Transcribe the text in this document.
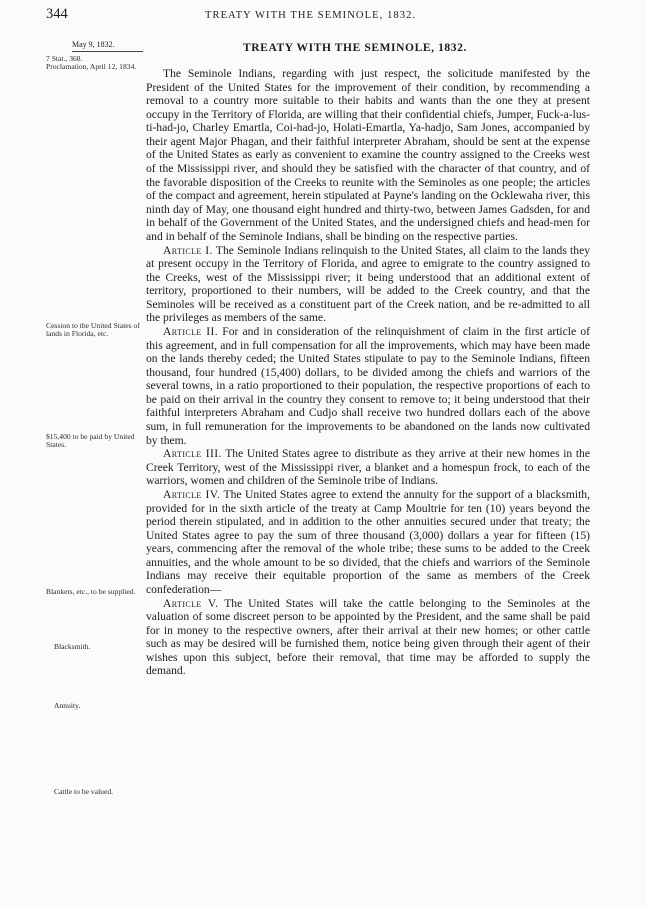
344	TREATY WITH THE SEMINOLE, 1832.
May 9, 1832.
7 Stat., 368.
Proclamation, April 12, 1834.
TREATY WITH THE SEMINOLE, 1832.
Cession to the United States of lands in Florida, etc.
$15,400 to be paid by United States.
Blankets, etc., to be supplied.
Blacksmith.
Annuity.
Cattle to be valued.

The Seminole Indians, regarding with just respect, the solicitude manifested by the President of the United States for the improvement of their condition, by recommending a removal to a country more suitable to their habits and wants than the one they at present occupy in the Territory of Florida, are willing that their confidential chiefs, Jumper, Fuck-a-lus-ti-had-jo, Charley Emartla, Coi-had-jo, Holati-Emartla, Ya-hadjo, Sam Jones, accompanied by their agent Major Phagan, and their faithful interpreter Abraham, should be sent at the expense of the United States as early as convenient to examine the country assigned to the Creeks west of the Mississippi river, and should they be satisfied with the character of that country, and of the favorable disposition of the Creeks to reunite with the Seminoles as one people; the articles of the compact and agreement, herein stipulated at Payne's landing on the Ocklewaha river, this ninth day of May, one thousand eight hundred and thirty-two, between James Gadsden, for and in behalf of the Government of the United States, and the undersigned chiefs and head-men for and in behalf of the Seminole Indians, shall be binding on the respective parties.

Article I. The Seminole Indians relinquish to the United States, all claim to the lands they at present occupy in the Territory of Florida, and agree to emigrate to the country assigned to the Creeks, west of the Mississippi river; it being understood that an additional extent of territory, proportioned to their numbers, will be added to the Creek country, and that the Seminoles will be received as a constituent part of the Creek nation, and be re-admitted to all the privileges as members of the same.

Article II. For and in consideration of the relinquishment of claim in the first article of this agreement, and in full compensation for all the improvements, which may have been made on the lands thereby ceded; the United States stipulate to pay to the Seminole Indians, fifteen thousand, four hundred (15,400) dollars, to be divided among the chiefs and warriors of the several towns, in a ratio proportioned to their population, the respective proportions of each to be paid on their arrival in the country they consent to remove to; it being understood that their faithful interpreters Abraham and Cudjo shall receive two hundred dollars each of the above sum, in full remuneration for the improvements to be abandoned on the lands now cultivated by them.

Article III. The United States agree to distribute as they arrive at their new homes in the Creek Territory, west of the Mississippi river, a blanket and a homespun frock, to each of the warriors, women and children of the Seminole tribe of Indians.

Article IV. The United States agree to extend the annuity for the support of a blacksmith, provided for in the sixth article of the treaty at Camp Moultrie for ten (10) years beyond the period therein stipulated, and in addition to the other annuities secured under that treaty; the United States agree to pay the sum of three thousand (3,000) dollars a year for fifteen (15) years, commencing after the removal of the whole tribe; these sums to be added to the Creek annuities, and the whole amount to be so divided, that the chiefs and warriors of the Seminole Indians may receive their equitable proportion of the same as members of the Creek confederation—

Article V. The United States will take the cattle belonging to the Seminoles at the valuation of some discreet person to be appointed by the President, and the same shall be paid for in money to the respective owners, after their arrival at their new homes; or other cattle such as may be desired will be furnished them, notice being given through their agent of their wishes upon this subject, before their removal, that time may be afforded to supply the demand.
